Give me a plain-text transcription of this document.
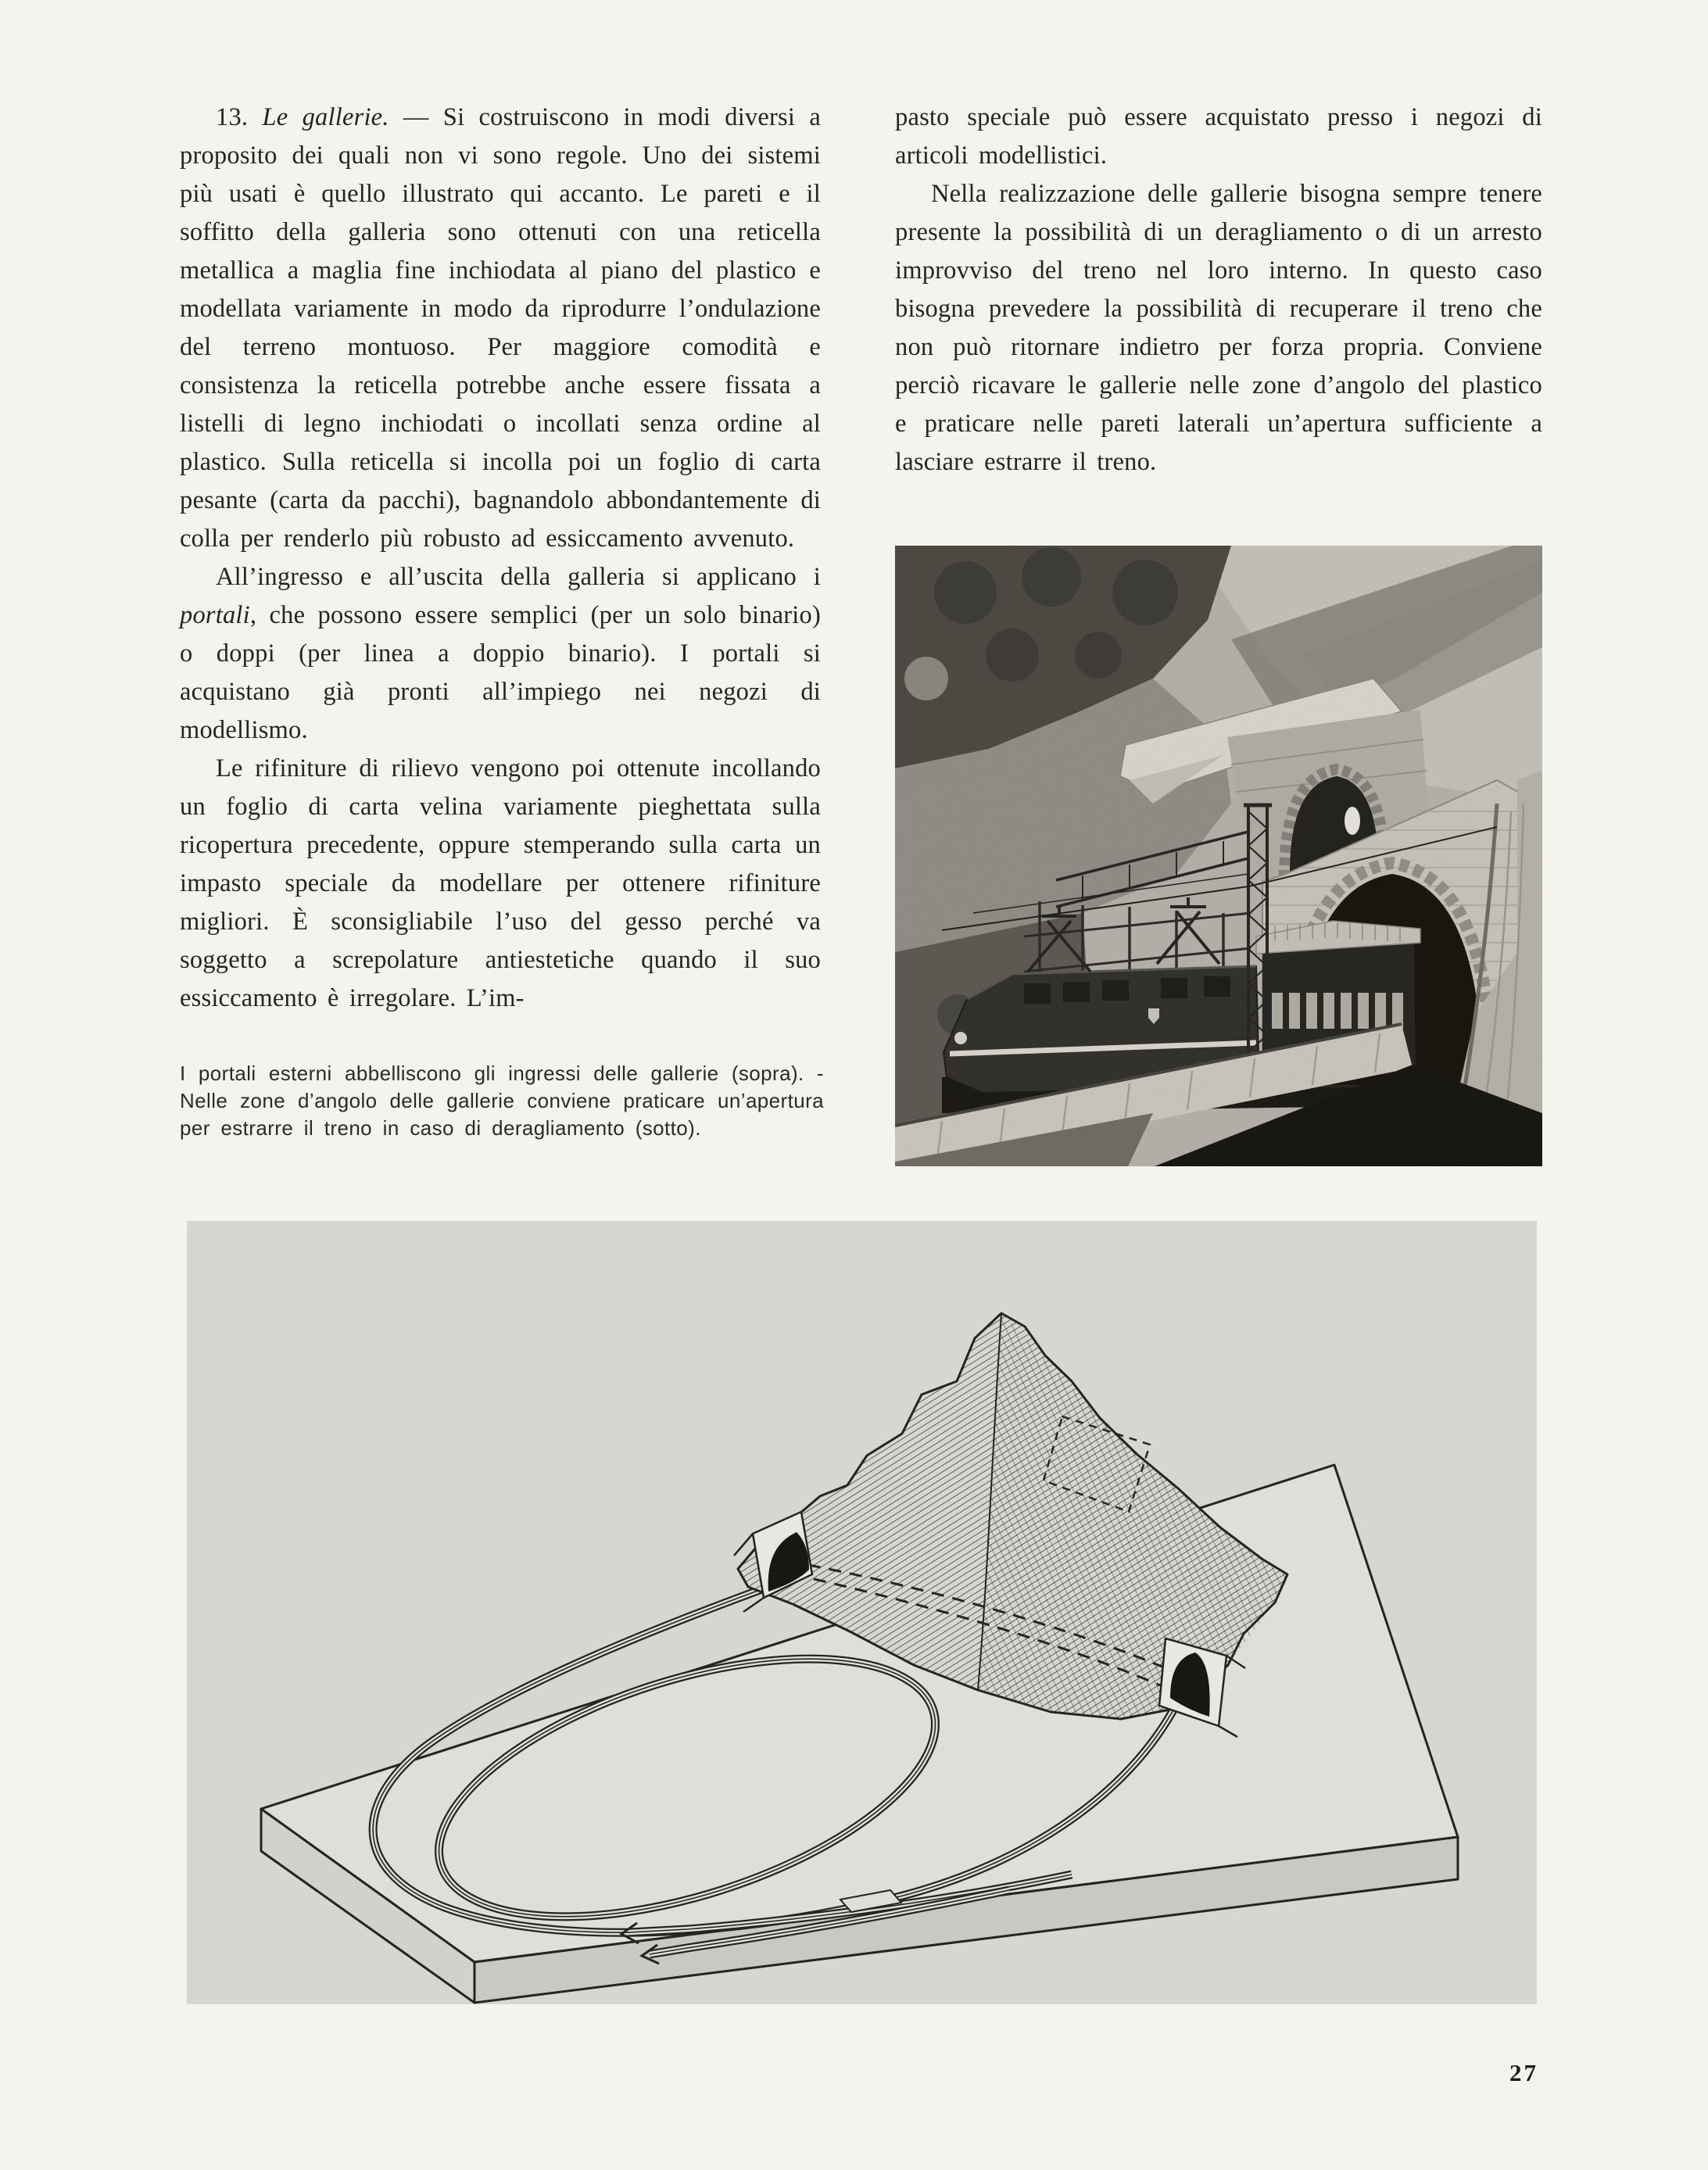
13. Le gallerie. — Si costruiscono in modi diversi a proposito dei quali non vi sono regole. Uno dei sistemi più usati è quello illustrato qui accanto. Le pareti e il soffitto della galleria sono ottenuti con una reticella metallica a maglia fine inchiodata al piano del plastico e modellata variamente in modo da riprodurre l’ondulazione del terreno montuoso. Per maggiore comodità e consistenza la reticella potrebbe anche essere fissata a listelli di legno inchiodati o incollati senza ordine al plastico. Sulla reticella si incolla poi un foglio di carta pesante (carta da pacchi), bagnandolo abbondantemente di colla per renderlo più robusto ad essiccamento avvenuto.

All’ingresso e all’uscita della galleria si applicano i portali, che possono essere semplici (per un solo binario) o doppi (per linea a doppio binario). I portali si acquistano già pronti all’impiego nei negozi di modellismo.

Le rifiniture di rilievo vengono poi ottenute incollando un foglio di carta velina variamente pieghettata sulla ricopertura precedente, oppure stemperando sulla carta un impasto speciale da modellare per ottenere rifiniture migliori. È sconsigliabile l’uso del gesso perché va soggetto a screpolature antiestetiche quando il suo essiccamento è irregolare. L’im-

pasto speciale può essere acquistato presso i negozi di articoli modellistici.

Nella realizzazione delle gallerie bisogna sempre tenere presente la possibilità di un deragliamento o di un arresto improvviso del treno nel loro interno. In questo caso bisogna prevedere la possibilità di recuperare il treno che non può ritornare indietro per forza propria. Conviene perciò ricavare le gallerie nelle zone d’angolo del plastico e praticare nelle pareti laterali un’apertura sufficiente a lasciare estrarre il treno.

I portali esterni abbelliscono gli ingressi delle gallerie (sopra). - Nelle zone d’angolo delle gallerie conviene praticare un’apertura per estrarre il treno in caso di deragliamento (sotto).
27
